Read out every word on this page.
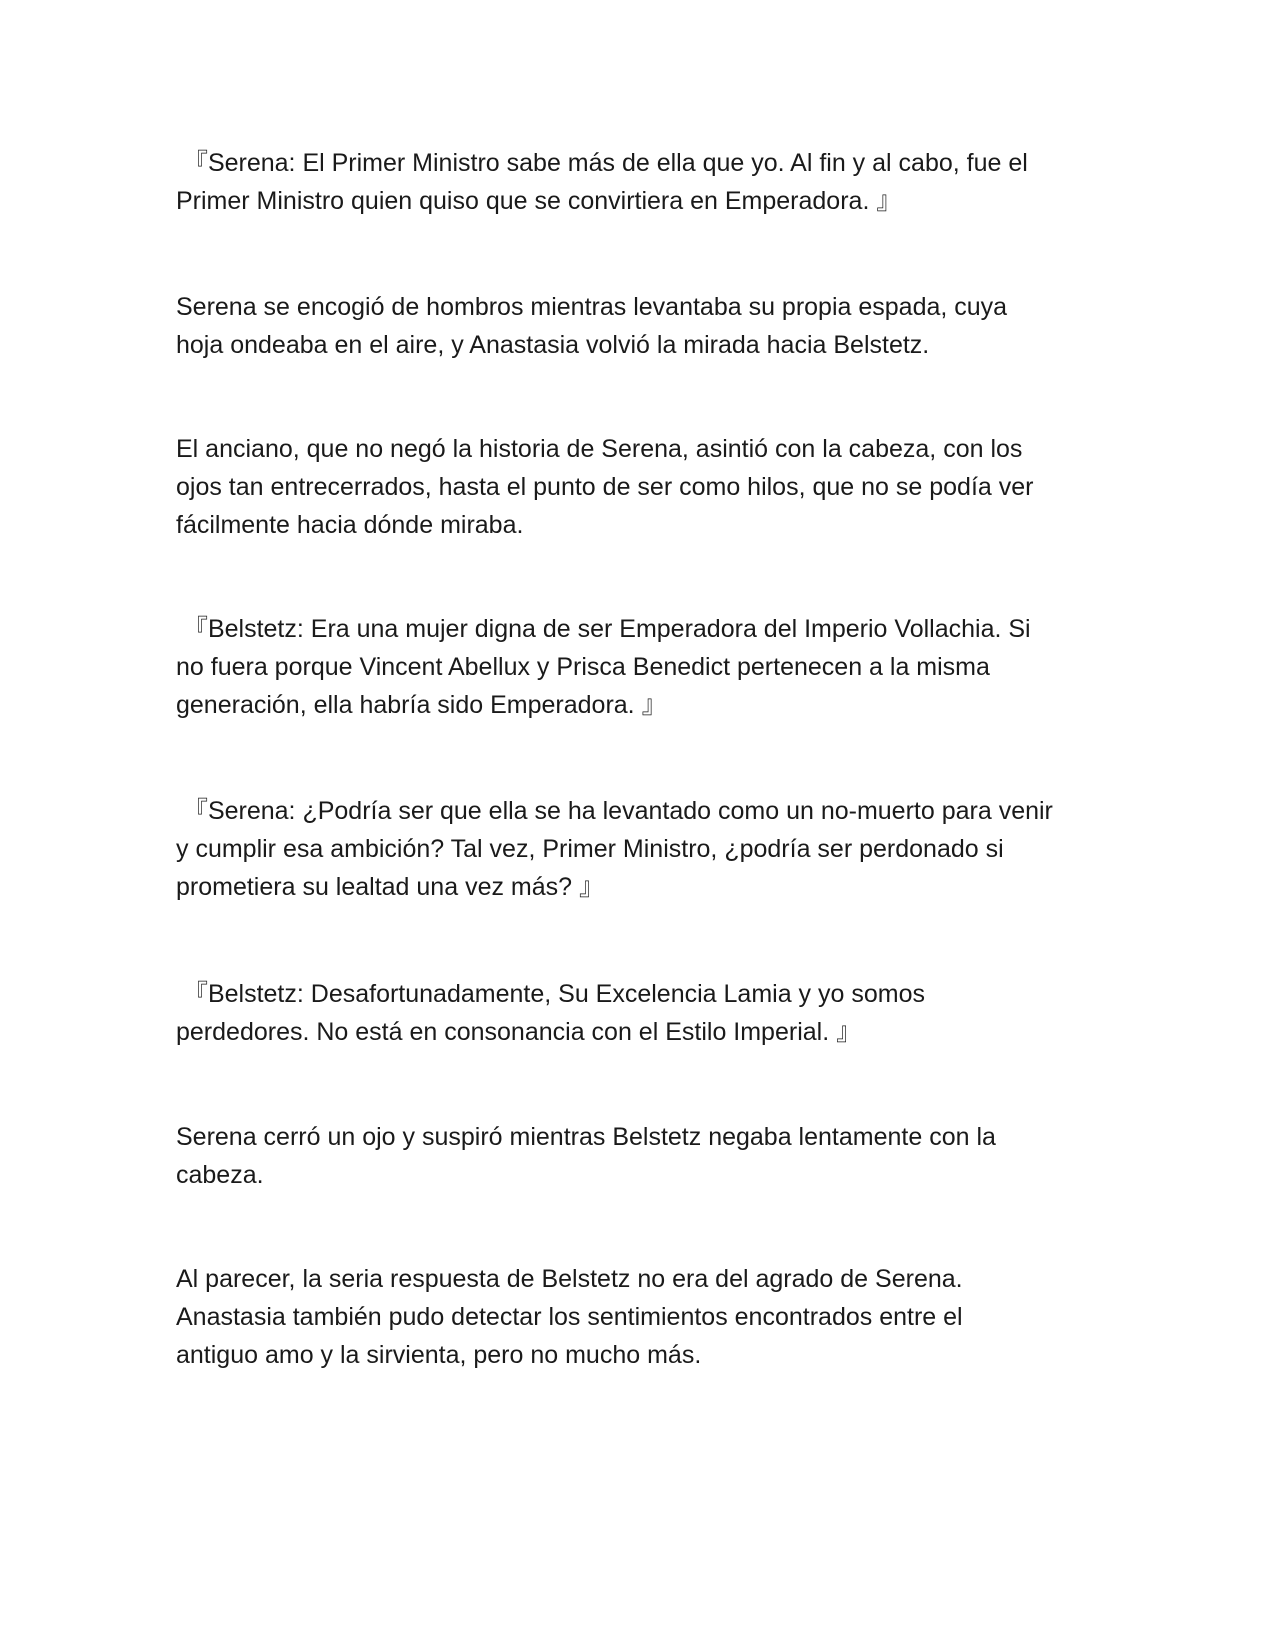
『Serena: El Primer Ministro sabe más de ella que yo. Al fin y al cabo, fue el
Primer Ministro quien quiso que se convirtiera en Emperadora. 』

Serena se encogió de hombros mientras levantaba su propia espada, cuya
hoja ondeaba en el aire, y Anastasia volvió la mirada hacia Belstetz.

El anciano, que no negó la historia de Serena, asintió con la cabeza, con los
ojos tan entrecerrados, hasta el punto de ser como hilos, que no se podía ver
fácilmente hacia dónde miraba.

『Belstetz: Era una mujer digna de ser Emperadora del Imperio Vollachia. Si
no fuera porque Vincent Abellux y Prisca Benedict pertenecen a la misma
generación, ella habría sido Emperadora. 』

『Serena: ¿Podría ser que ella se ha levantado como un no-muerto para venir
y cumplir esa ambición? Tal vez, Primer Ministro, ¿podría ser perdonado si
prometiera su lealtad una vez más? 』

『Belstetz: Desafortunadamente, Su Excelencia Lamia y yo somos
perdedores. No está en consonancia con el Estilo Imperial. 』

Serena cerró un ojo y suspiró mientras Belstetz negaba lentamente con la
cabeza.

Al parecer, la seria respuesta de Belstetz no era del agrado de Serena.
Anastasia también pudo detectar los sentimientos encontrados entre el
antiguo amo y la sirvienta, pero no mucho más.
